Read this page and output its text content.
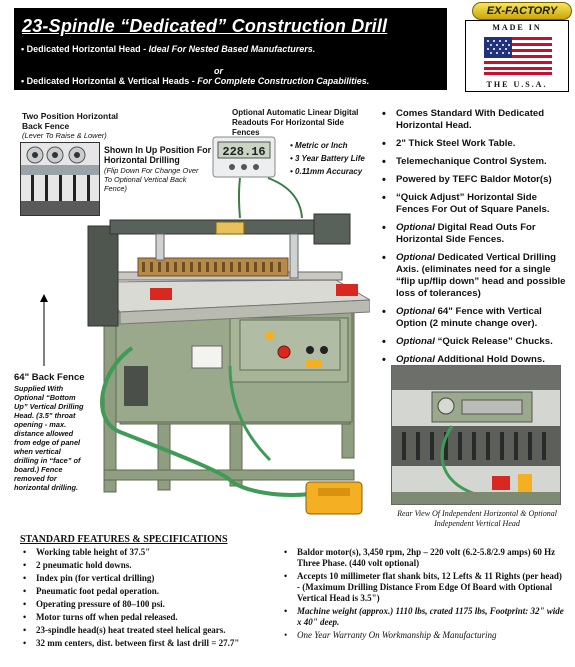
EX-FACTORY
23-Spindle “Dedicated” Construction Drill
• Dedicated Horizontal Head - Ideal For Nested Based Manufacturers.
or
• Dedicated Horizontal & Vertical Heads - For Complete Construction Capabilities.
MADE IN
THE U.S.A.
Two Position Horizontal Back Fence
(Lever To Raise & Lower)
Shown In Up Position For Horizontal Drilling
(Flip Down For Change Over To Optional Vertical Back Fence)
Optional Automatic Linear Digital Readouts For Horizontal Side Fences
228.16	• Metric or Inch
• 3 Year Battery Life
• 0.11mm Accuracy
64" Back Fence
Supplied With Optional “Bottom Up” Vertical Drilling Head. (3.5" throat opening - max. distance allowed from edge of panel when vertical drilling in “face” of board.) Fence removed for horizontal drilling.
• Comes Standard With Dedicated Horizontal Head.
• 2" Thick Steel Work Table.
• Telemechanique Control System.
• Powered by TEFC Baldor Motor(s)
• “Quick Adjust” Horizontal Side Fences For Out of Square Panels.
• Optional Digital Read Outs For Horizontal Side Fences.
• Optional Dedicated Vertical Drilling Axis. (eliminates need for a single “flip up/flip down” head and possible loss of tolerances)
• Optional 64" Fence with Vertical Option (2 minute change over).
• Optional “Quick Release” Chucks.
• Optional Additional Hold Downs.
Rear View Of Independent Horizontal & Optional Independent Vertical Head
STANDARD FEATURES & SPECIFICATIONS
• Working table height of 37.5"
• 2 pneumatic hold downs.
• Index pin (for vertical drilling)
• Pneumatic foot pedal operation.
• Operating pressure of 80–100 psi.
• Motor turns off when pedal released.
• 23-spindle head(s) heat treated steel helical gears.
• 32 mm centers, dist. between first & last drill = 27.7"
• Baldor motor(s), 3,450 rpm, 2hp – 220 volt (6.2-5.8/2.9 amps) 60 Hz Three Phase. (440 volt optional)
• Accepts 10 millimeter flat shank bits, 12 Lefts & 11 Rights (per head) - (Maximum Drilling Distance From Edge Of Board with Optional Vertical Head is 3.5")
• Machine weight (approx.) 1110 lbs, crated 1175 lbs, Footprint: 32" wide x 40" deep.
• One Year Warranty On Workmanship & Manufacturing
